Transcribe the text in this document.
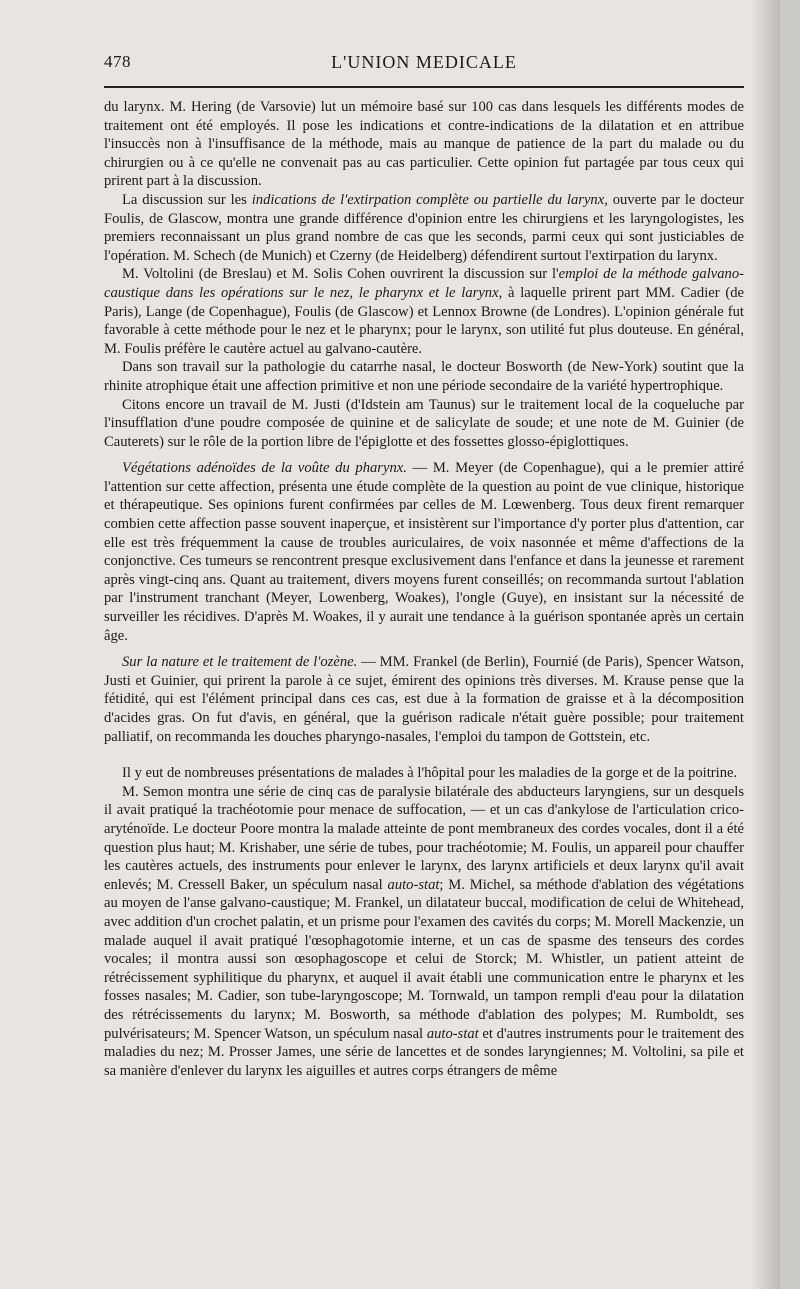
478	L'UNION MEDICALE

du larynx. M. Hering (de Varsovie) lut un mémoire basé sur 100 cas dans lesquels les différents modes de traitement ont été employés. Il pose les indications et contre-indications de la dilatation et en attribue l'insuccès non à l'insuffisance de la méthode, mais au manque de patience de la part du malade ou du chirurgien ou à ce qu'elle ne convenait pas au cas particulier. Cette opinion fut partagée par tous ceux qui prirent part à la discussion.

La discussion sur les indications de l'extirpation complète ou partielle du larynx, ouverte par le docteur Foulis, de Glascow, montra une grande différence d'opinion entre les chirurgiens et les laryngologistes, les premiers reconnaissant un plus grand nombre de cas que les seconds, parmi ceux qui sont justiciables de l'opération. M. Schech (de Munich) et Czerny (de Heidelberg) défendirent surtout l'extirpation du larynx.

M. Voltolini (de Breslau) et M. Solis Cohen ouvrirent la discussion sur l'emploi de la méthode galvano-caustique dans les opérations sur le nez, le pharynx et le larynx, à laquelle prirent part MM. Cadier (de Paris), Lange (de Copenhague), Foulis (de Glascow) et Lennox Browne (de Londres). L'opinion générale fut favorable à cette méthode pour le nez et le pharynx; pour le larynx, son utilité fut plus douteuse. En général, M. Foulis préfère le cautère actuel au galvano-cautère.

Dans son travail sur la pathologie du catarrhe nasal, le docteur Bosworth (de New-York) soutint que la rhinite atrophique était une affection primitive et non une période secondaire de la variété hypertrophique.

Citons encore un travail de M. Justi (d'Idstein am Taunus) sur le traitement local de la coqueluche par l'insufflation d'une poudre composée de quinine et de salicylate de soude; et une note de M. Guinier (de Cauterets) sur le rôle de la portion libre de l'épiglotte et des fossettes glosso-épiglottiques.

Végétations adénoïdes de la voûte du pharynx. — M. Meyer (de Copenhague), qui a le premier attiré l'attention sur cette affection, présenta une étude complète de la question au point de vue clinique, historique et thérapeutique. Ses opinions furent confirmées par celles de M. Lœwenberg. Tous deux firent remarquer combien cette affection passe souvent inaperçue, et insistèrent sur l'importance d'y porter plus d'attention, car elle est très fréquemment la cause de troubles auriculaires, de voix nasonnée et même d'affections de la conjonctive. Ces tumeurs se rencontrent presque exclusivement dans l'enfance et dans la jeunesse et rarement après vingt-cinq ans. Quant au traitement, divers moyens furent conseillés; on recommanda surtout l'ablation par l'instrument tranchant (Meyer, Lowenberg, Woakes), l'ongle (Guye), en insistant sur la nécessité de surveiller les récidives. D'après M. Woakes, il y aurait une tendance à la guérison spontanée après un certain âge.

Sur la nature et le traitement de l'ozène. — MM. Frankel (de Berlin), Fournié (de Paris), Spencer Watson, Justi et Guinier, qui prirent la parole à ce sujet, émirent des opinions très diverses. M. Krause pense que la fétidité, qui est l'élément principal dans ces cas, est due à la formation de graisse et à la décomposition d'acides gras. On fut d'avis, en général, que la guérison radicale n'était guère possible; pour traitement palliatif, on recommanda les douches pharyngo-nasales, l'emploi du tampon de Gottstein, etc.

Il y eut de nombreuses présentations de malades à l'hôpital pour les maladies de la gorge et de la poitrine.

M. Semon montra une série de cinq cas de paralysie bilatérale des abducteurs laryngiens, sur un desquels il avait pratiqué la trachéotomie pour menace de suffocation, — et un cas d'ankylose de l'articulation crico-aryténoïde. Le docteur Poore montra la malade atteinte de pont membraneux des cordes vocales, dont il a été question plus haut; M. Krishaber, une série de tubes, pour trachéotomie; M. Foulis, un appareil pour chauffer les cautères actuels, des instruments pour enlever le larynx, des larynx artificiels et deux larynx qu'il avait enlevés; M. Cressell Baker, un spéculum nasal auto-stat; M. Michel, sa méthode d'ablation des végétations au moyen de l'anse galvano-caustique; M. Frankel, un dilatateur buccal, modification de celui de Whitehead, avec addition d'un crochet palatin, et un prisme pour l'examen des cavités du corps; M. Morell Mackenzie, un malade auquel il avait pratiqué l'œsophagotomie interne, et un cas de spasme des tenseurs des cordes vocales; il montra aussi son œsophagoscope et celui de Storck; M. Whistler, un patient atteint de rétrécissement syphilitique du pharynx, et auquel il avait établi une communication entre le pharynx et les fosses nasales; M. Cadier, son tube-laryngoscope; M. Tornwald, un tampon rempli d'eau pour la dilatation des rétrécissements du larynx; M. Bosworth, sa méthode d'ablation des polypes; M. Rumboldt, ses pulvérisateurs; M. Spencer Watson, un spéculum nasal auto-stat et d'autres instruments pour le traitement des maladies du nez; M. Prosser James, une série de lancettes et de sondes laryngiennes; M. Voltolini, sa pile et sa manière d'enlever du larynx les aiguilles et autres corps étrangers de même
